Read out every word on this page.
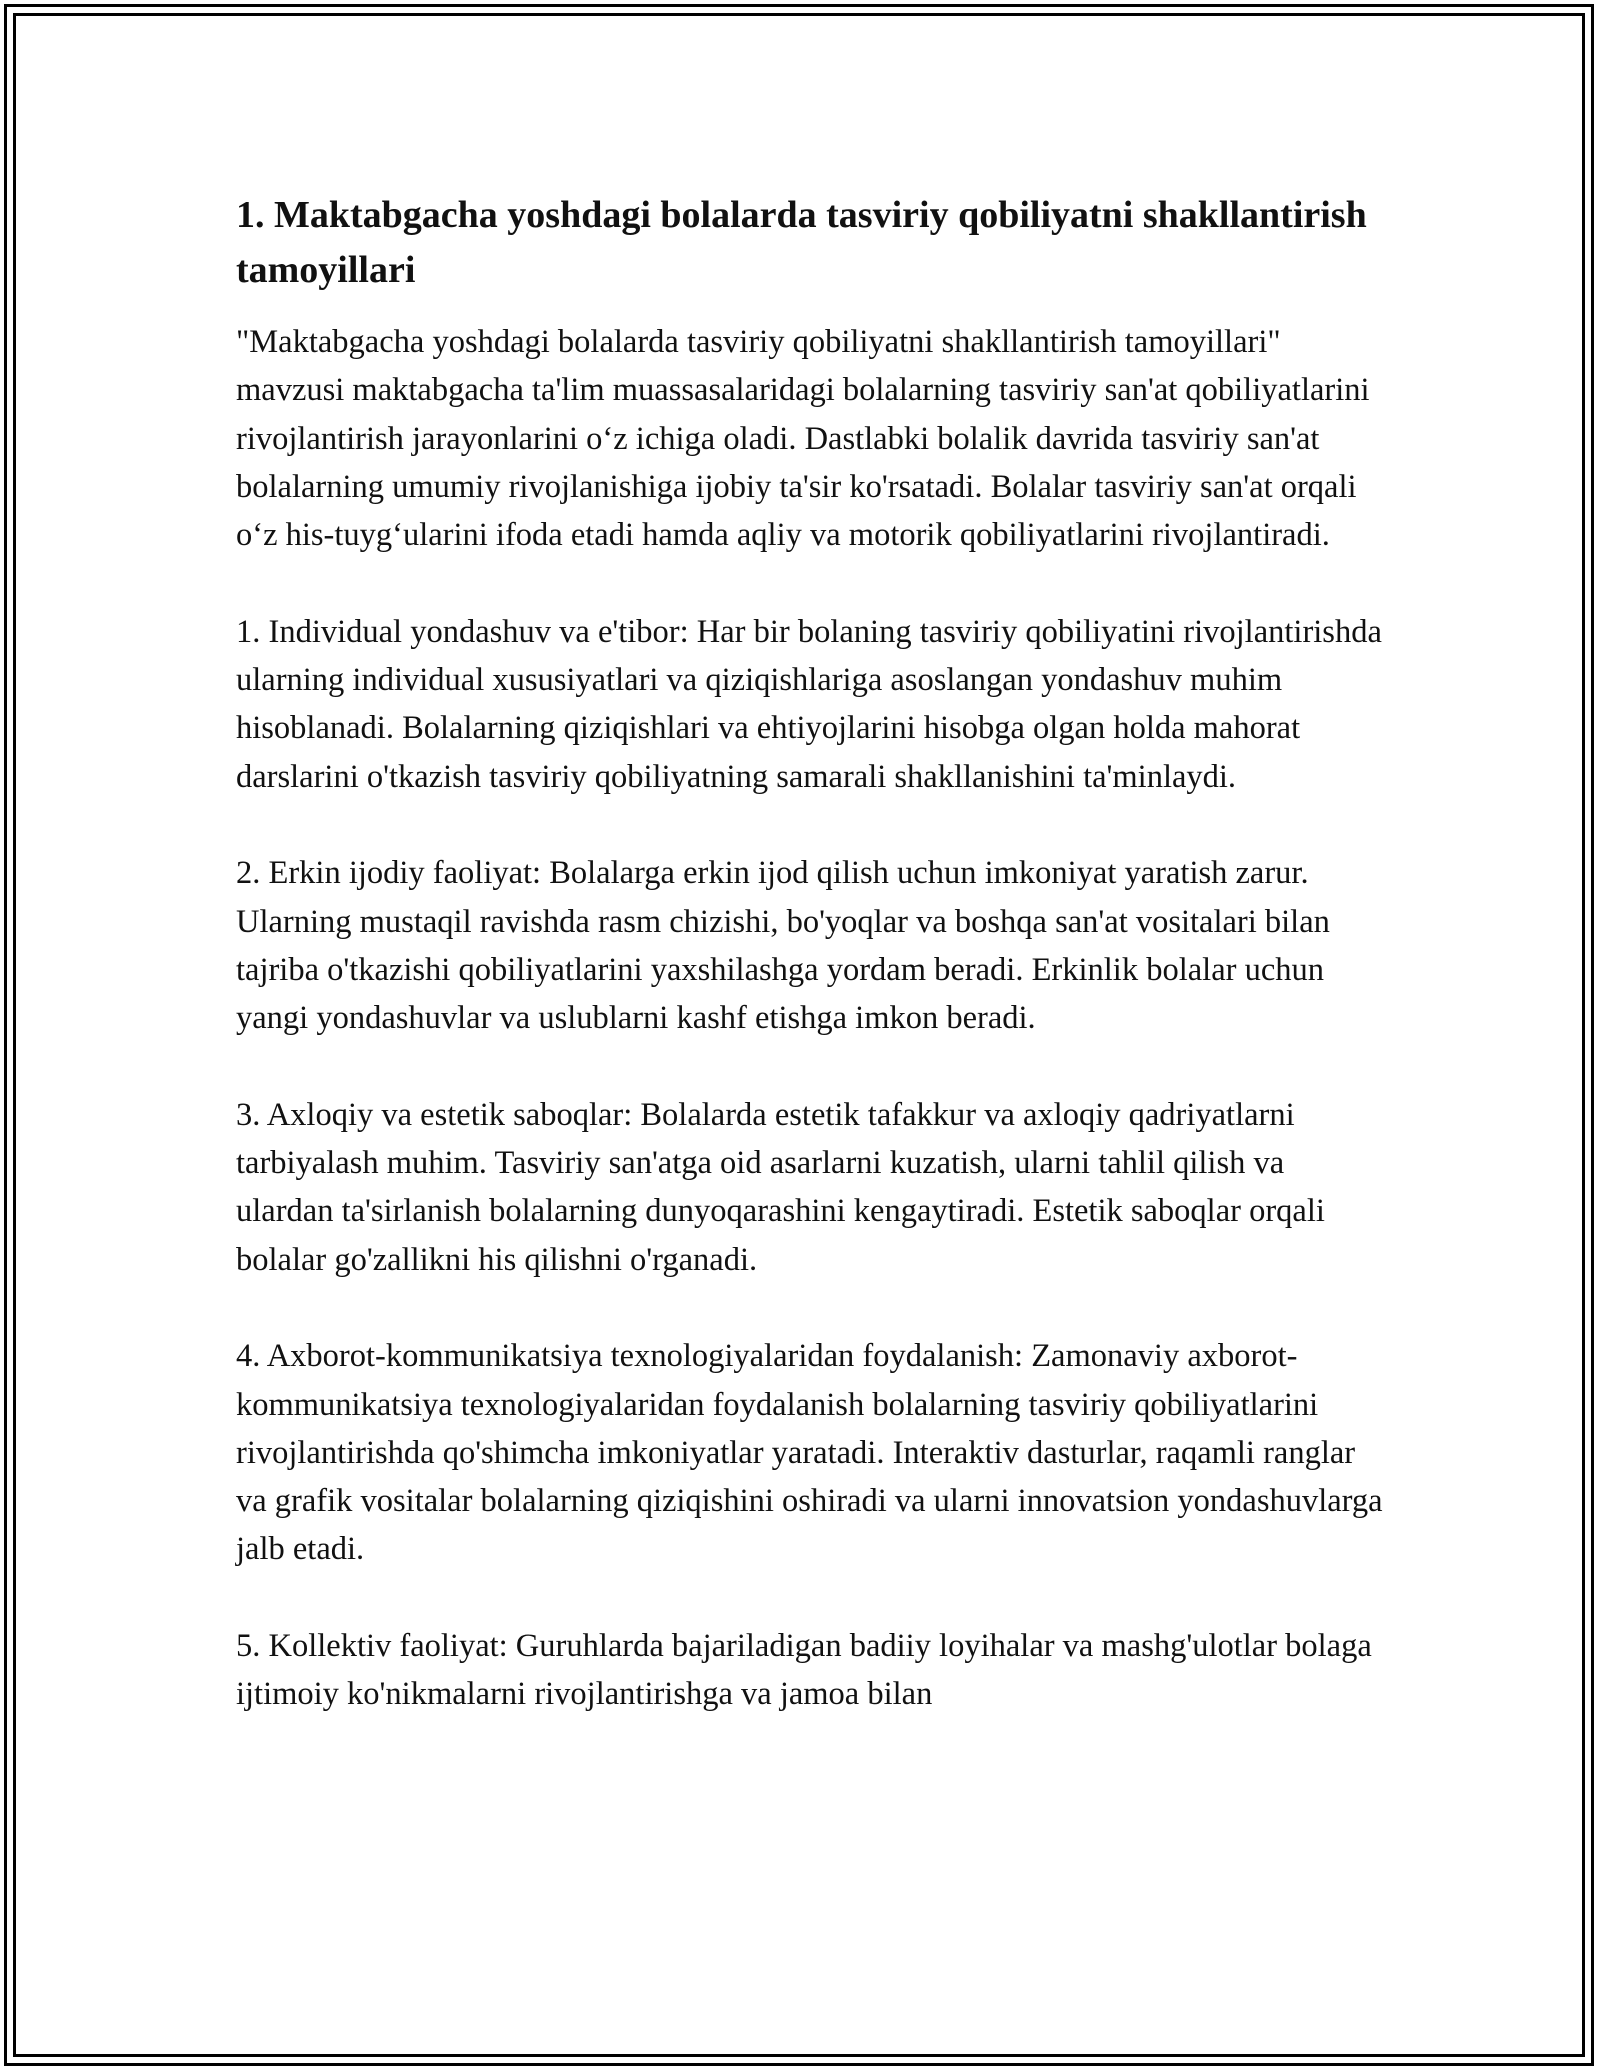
1. Maktabgacha yoshdagi bolalarda tasviriy qobiliyatni shakllantirish tamoyillari

"Maktabgacha yoshdagi bolalarda tasviriy qobiliyatni shakllantirish tamoyillari" mavzusi maktabgacha ta'lim muassasalaridagi bolalarning tasviriy san'at qobiliyatlarini rivojlantirish jarayonlarini o‘z ichiga oladi. Dastlabki bolalik davrida tasviriy san'at bolalarning umumiy rivojlanishiga ijobiy ta'sir ko'rsatadi. Bolalar tasviriy san'at orqali o‘z his-tuyg‘ularini ifoda etadi hamda aqliy va motorik qobiliyatlarini rivojlantiradi.

1. Individual yondashuv va e'tibor: Har bir bolaning tasviriy qobiliyatini rivojlantirishda ularning individual xususiyatlari va qiziqishlariga asoslangan yondashuv muhim hisoblanadi. Bolalarning qiziqishlari va ehtiyojlarini hisobga olgan holda mahorat darslarini o'tkazish tasviriy qobiliyatning samarali shakllanishini ta'minlaydi.

2. Erkin ijodiy faoliyat: Bolalarga erkin ijod qilish uchun imkoniyat yaratish zarur. Ularning mustaqil ravishda rasm chizishi, bo'yoqlar va boshqa san'at vositalari bilan tajriba o'tkazishi qobiliyatlarini yaxshilashga yordam beradi. Erkinlik bolalar uchun yangi yondashuvlar va uslublarni kashf etishga imkon beradi.

3. Axloqiy va estetik saboqlar: Bolalarda estetik tafakkur va axloqiy qadriyatlarni tarbiyalash muhim. Tasviriy san'atga oid asarlarni kuzatish, ularni tahlil qilish va ulardan ta'sirlanish bolalarning dunyoqarashini kengaytiradi. Estetik saboqlar orqali bolalar go'zallikni his qilishni o'rganadi.

4. Axborot-kommunikatsiya texnologiyalaridan foydalanish: Zamonaviy axborot-kommunikatsiya texnologiyalaridan foydalanish bolalarning tasviriy qobiliyatlarini rivojlantirishda qo'shimcha imkoniyatlar yaratadi. Interaktiv dasturlar, raqamli ranglar va grafik vositalar bolalarning qiziqishini oshiradi va ularni innovatsion yondashuvlarga jalb etadi.

5. Kollektiv faoliyat: Guruhlarda bajariladigan badiiy loyihalar va mashg'ulotlar bolaga ijtimoiy ko'nikmalarni rivojlantirishga va jamoa bilan
